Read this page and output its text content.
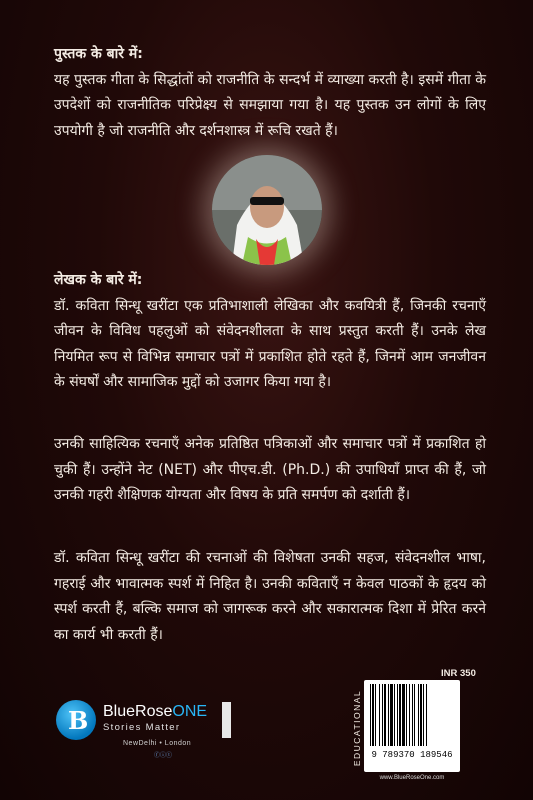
पुस्तक के बारे में:
यह पुस्तक गीता के सिद्धांतों को राजनीति के सन्दर्भ में व्याख्या करती है। इसमें गीता के उपदेशों को राजनीतिक परिप्रेक्ष्य से समझाया गया है। यह पुस्तक उन लोगों के लिए उपयोगी है जो राजनीति और दर्शनशास्त्र में रूचि रखते हैं।
लेखक के बारे में:
डॉ. कविता सिन्धू खरींटा एक प्रतिभाशाली लेखिका और कवयित्री हैं, जिनकी रचनाएँ जीवन के विविध पहलुओं को संवेदनशीलता के साथ प्रस्तुत करती हैं। उनके लेख नियमित रूप से विभिन्न समाचार पत्रों में प्रकाशित होते रहते हैं, जिनमें आम जनजीवन के संघर्षों और सामाजिक मुद्दों को उजागर किया गया है।
उनकी साहित्यिक रचनाएँ अनेक प्रतिष्ठित पत्रिकाओं और समाचार पत्रों में प्रकाशित हो चुकी हैं। उन्होंने नेट (NET) और पीएच.डी. (Ph.D.) की उपाधियाँ प्राप्त की हैं, जो उनकी गहरी शैक्षिणक योग्यता और विषय के प्रति समर्पण को दर्शाती हैं।
डॉ. कविता सिन्धू खरींटा की रचनाओं की विशेषता उनकी सहज, संवेदनशील भाषा, गहराई और भावात्मक स्पर्श में निहित है। उनकी कविताएँ न केवल पाठकों के हृदय को स्पर्श करती हैं, बल्कि समाज को जागरूक करने और सकारात्मक दिशा में प्रेरित करने का कार्य भी करती हैं।
B BlueRoseONE
Stories Matter
NewDelhi • London
ⓕⓘⓣ	EDUCATIONAL
INR 350
9 789370 189546
www.BlueRoseOne.com
